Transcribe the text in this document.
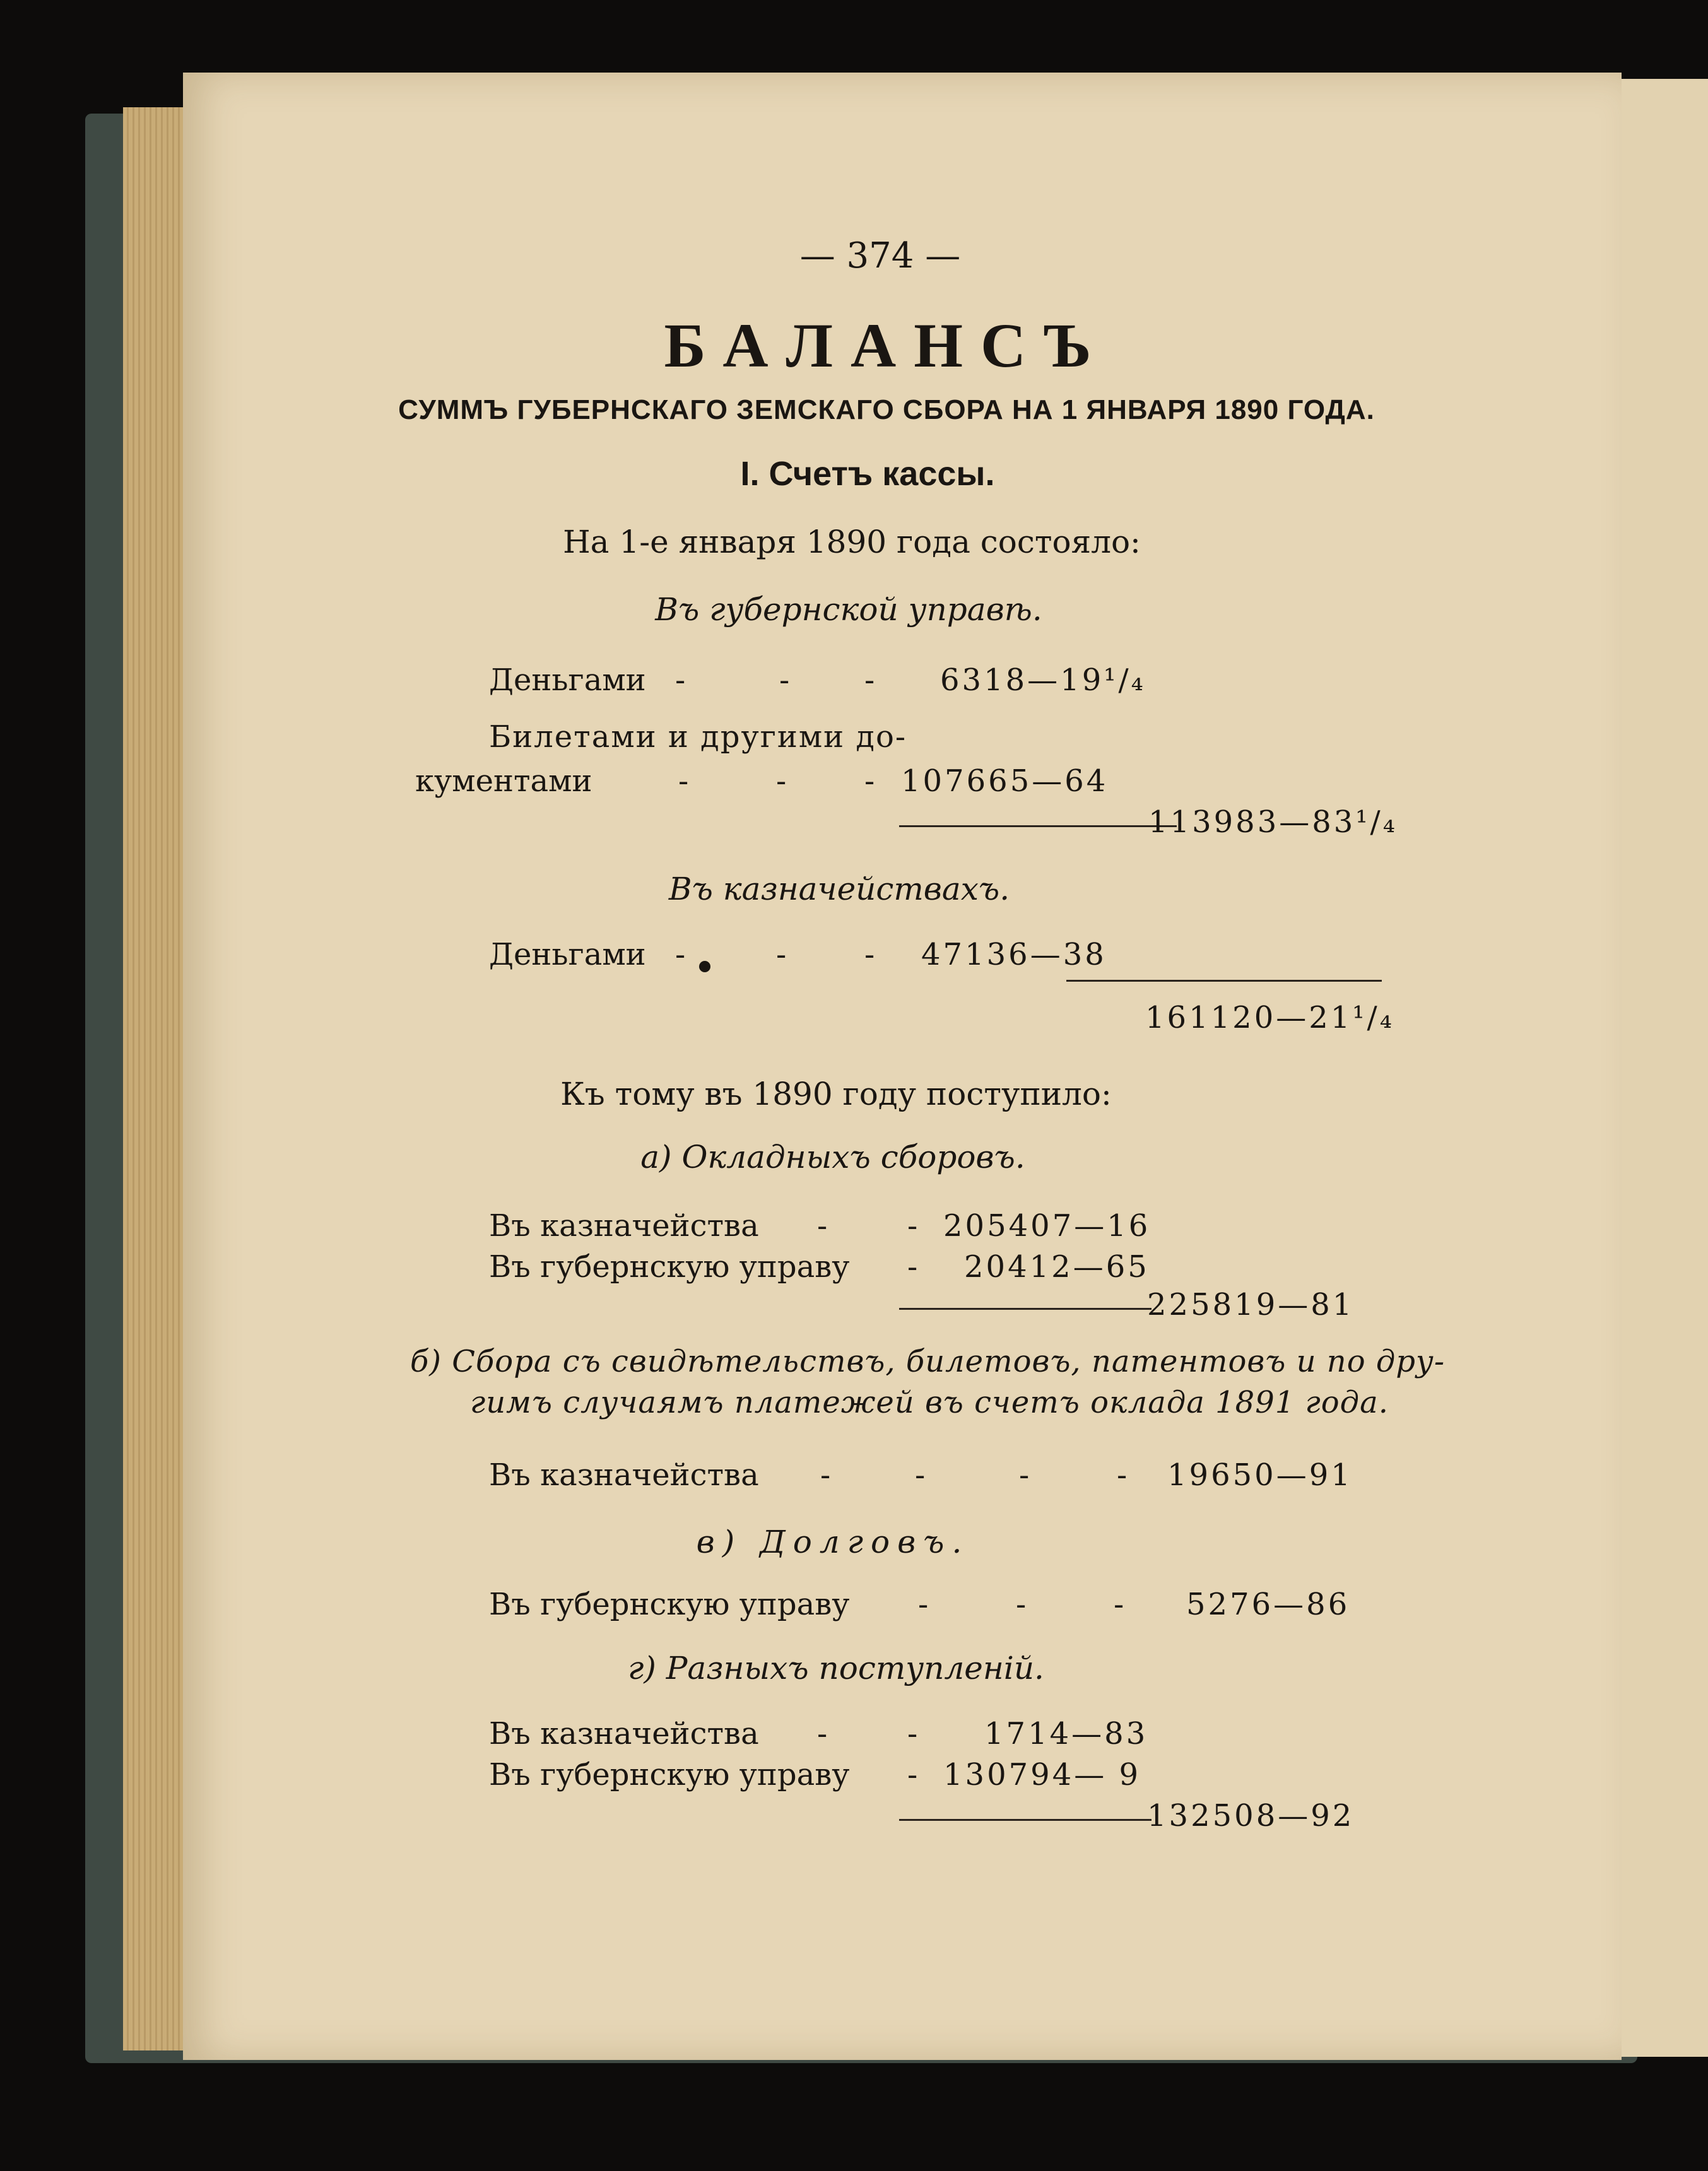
— 374 —
БАЛАНСЪ
СУММЪ ГУБЕРНСКАГО ЗЕМСКАГО СБОРА НА 1 ЯНВАРЯ 1890 ГОДА.
I. Счетъ кассы.
На 1-е января 1890 года состояло:
Въ губернской управѣ.
Деньгами -	- - 6318—19¹/₄
Билетами и другими до-
кументами	-	-	- 107665—64
113983—83¹/₄
Въ казначействахъ.
Деньгами -	-	- 47136—38
161120—21¹/₄
Къ тому въ 1890 году поступило:
а) Окладныхъ сборовъ.
Въ казначейства -	- 205407—16
Въ губернскую управу - 20412—65
225819—81
б) Сбора съ свидѣтельствъ, билетовъ, патентовъ и по дру-
гимъ случаямъ платежей въ счетъ оклада 1891 года.
Въ казначейства -	-	-	- 19650—91
в) Долговъ.
Въ губернскую управу -	-	- 5276—86
г) Разныхъ поступленій.
Въ казначейства -	- 1714—83
Въ губернскую управу - 130794— 9
132508—92
